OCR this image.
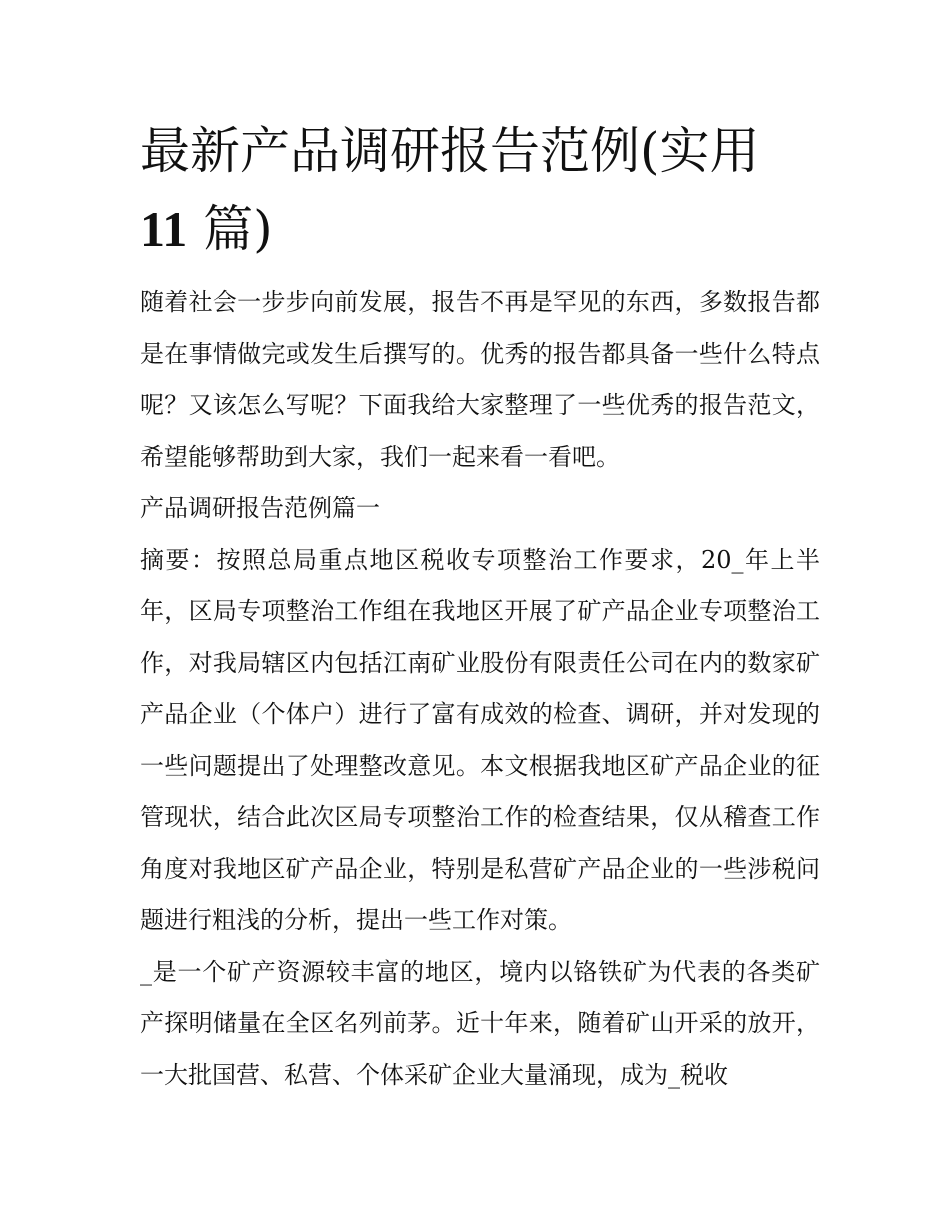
最新产品调研报告范例(实用
11 篇)

随着社会一步步向前发展，报告不再是罕见的东西，多数报告都是在事情做完或发生后撰写的。优秀的报告都具备一些什么特点呢？又该怎么写呢？下面我给大家整理了一些优秀的报告范文，希望能够帮助到大家，我们一起来看一看吧。

产品调研报告范例篇一

摘要：按照总局重点地区税收专项整治工作要求，20_年上半年，区局专项整治工作组在我地区开展了矿产品企业专项整治工作，对我局辖区内包括江南矿业股份有限责任公司在内的数家矿产品企业（个体户）进行了富有成效的检查、调研，并对发现的一些问题提出了处理整改意见。本文根据我地区矿产品企业的征管现状，结合此次区局专项整治工作的检查结果，仅从稽查工作角度对我地区矿产品企业，特别是私营矿产品企业的一些涉税问题进行粗浅的分析，提出一些工作对策。

_是一个矿产资源较丰富的地区，境内以铬铁矿为代表的各类矿产探明储量在全区名列前茅。近十年来，随着矿山开采的放开，一大批国营、私营、个体采矿企业大量涌现，成为_税收
